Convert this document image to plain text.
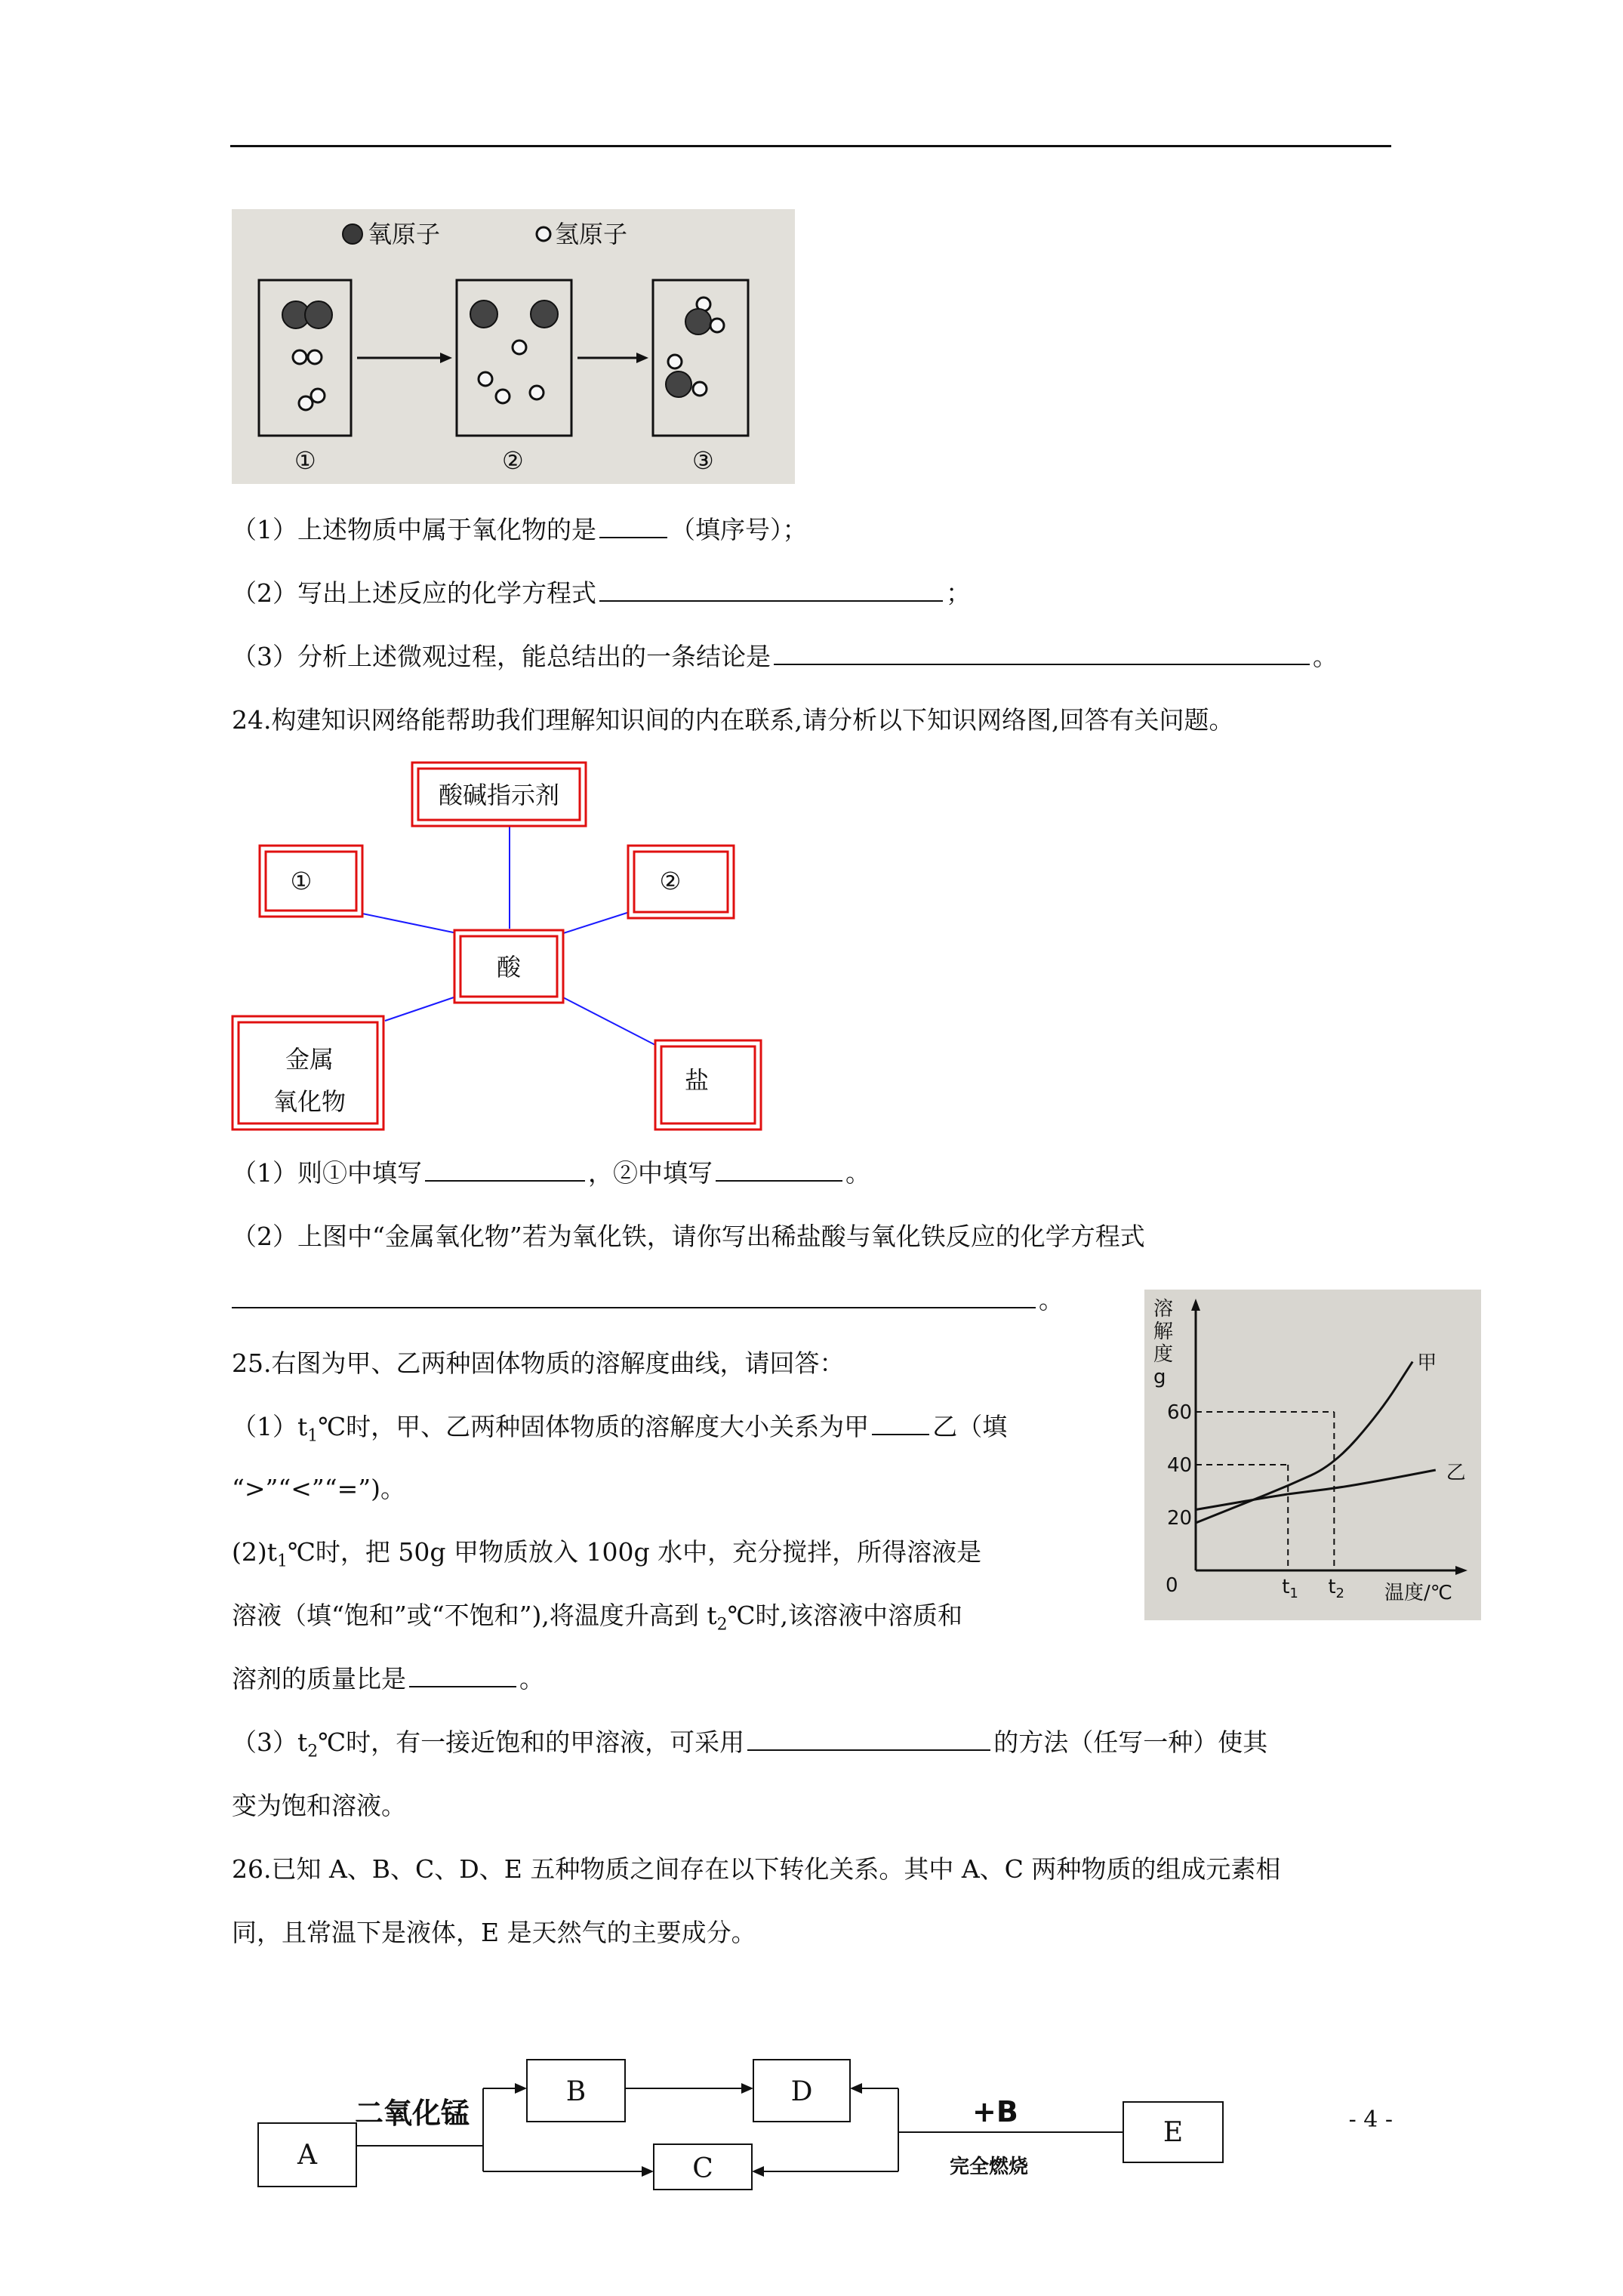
氧原子	氢原子
①	②	③
（1）上述物质中属于氧化物的是	（填序号）；
（2）写出上述反应的化学方程式	；
（3）分析上述微观过程，能总结出的一条结论是	。
24.构建知识网络能帮助我们理解知识间的内在联系,请分析以下知识网络图,回答有关问题。
酸碱指示剂
①	②
酸
金属
氧化物
盐
（1）则①中填写	，②中填写	。
（2）上图中“金属氧化物”若为氧化铁，请你写出稀盐酸与氧化铁反应的化学方程式
。
25.右图为甲、乙两种固体物质的溶解度曲线，请回答：
$(1)t_1℃$时，甲、乙两种固体物质的溶解度大小关系为甲	乙（填
“>”“<”“=”)。
$(2)t_1℃$时，把 50g 甲物质放入 100g 水中，充分搅拌，所得溶液是
溶液（填“饱和”或“不饱和”),将温度升高到 $t_2℃$时,该溶液中溶质和
溶剂的质量比是	。
$(3)t_2℃$时，有一接近饱和的甲溶液，可采用	的方法（任写一种）使其
变为饱和溶液。
溶
解
度
g
0
20
40
60
甲
乙
$t_1$ $t_2$ 温度/℃
26.已知 A、B、C、D、E 五种物质之间存在以下转化关系。其中 A、C 两种物质的组成元素相
同，且常温下是液体，E 是天然气的主要成分。
A
B	D
C
E
二氧化锰	+B
完全燃烧
- 4 -
